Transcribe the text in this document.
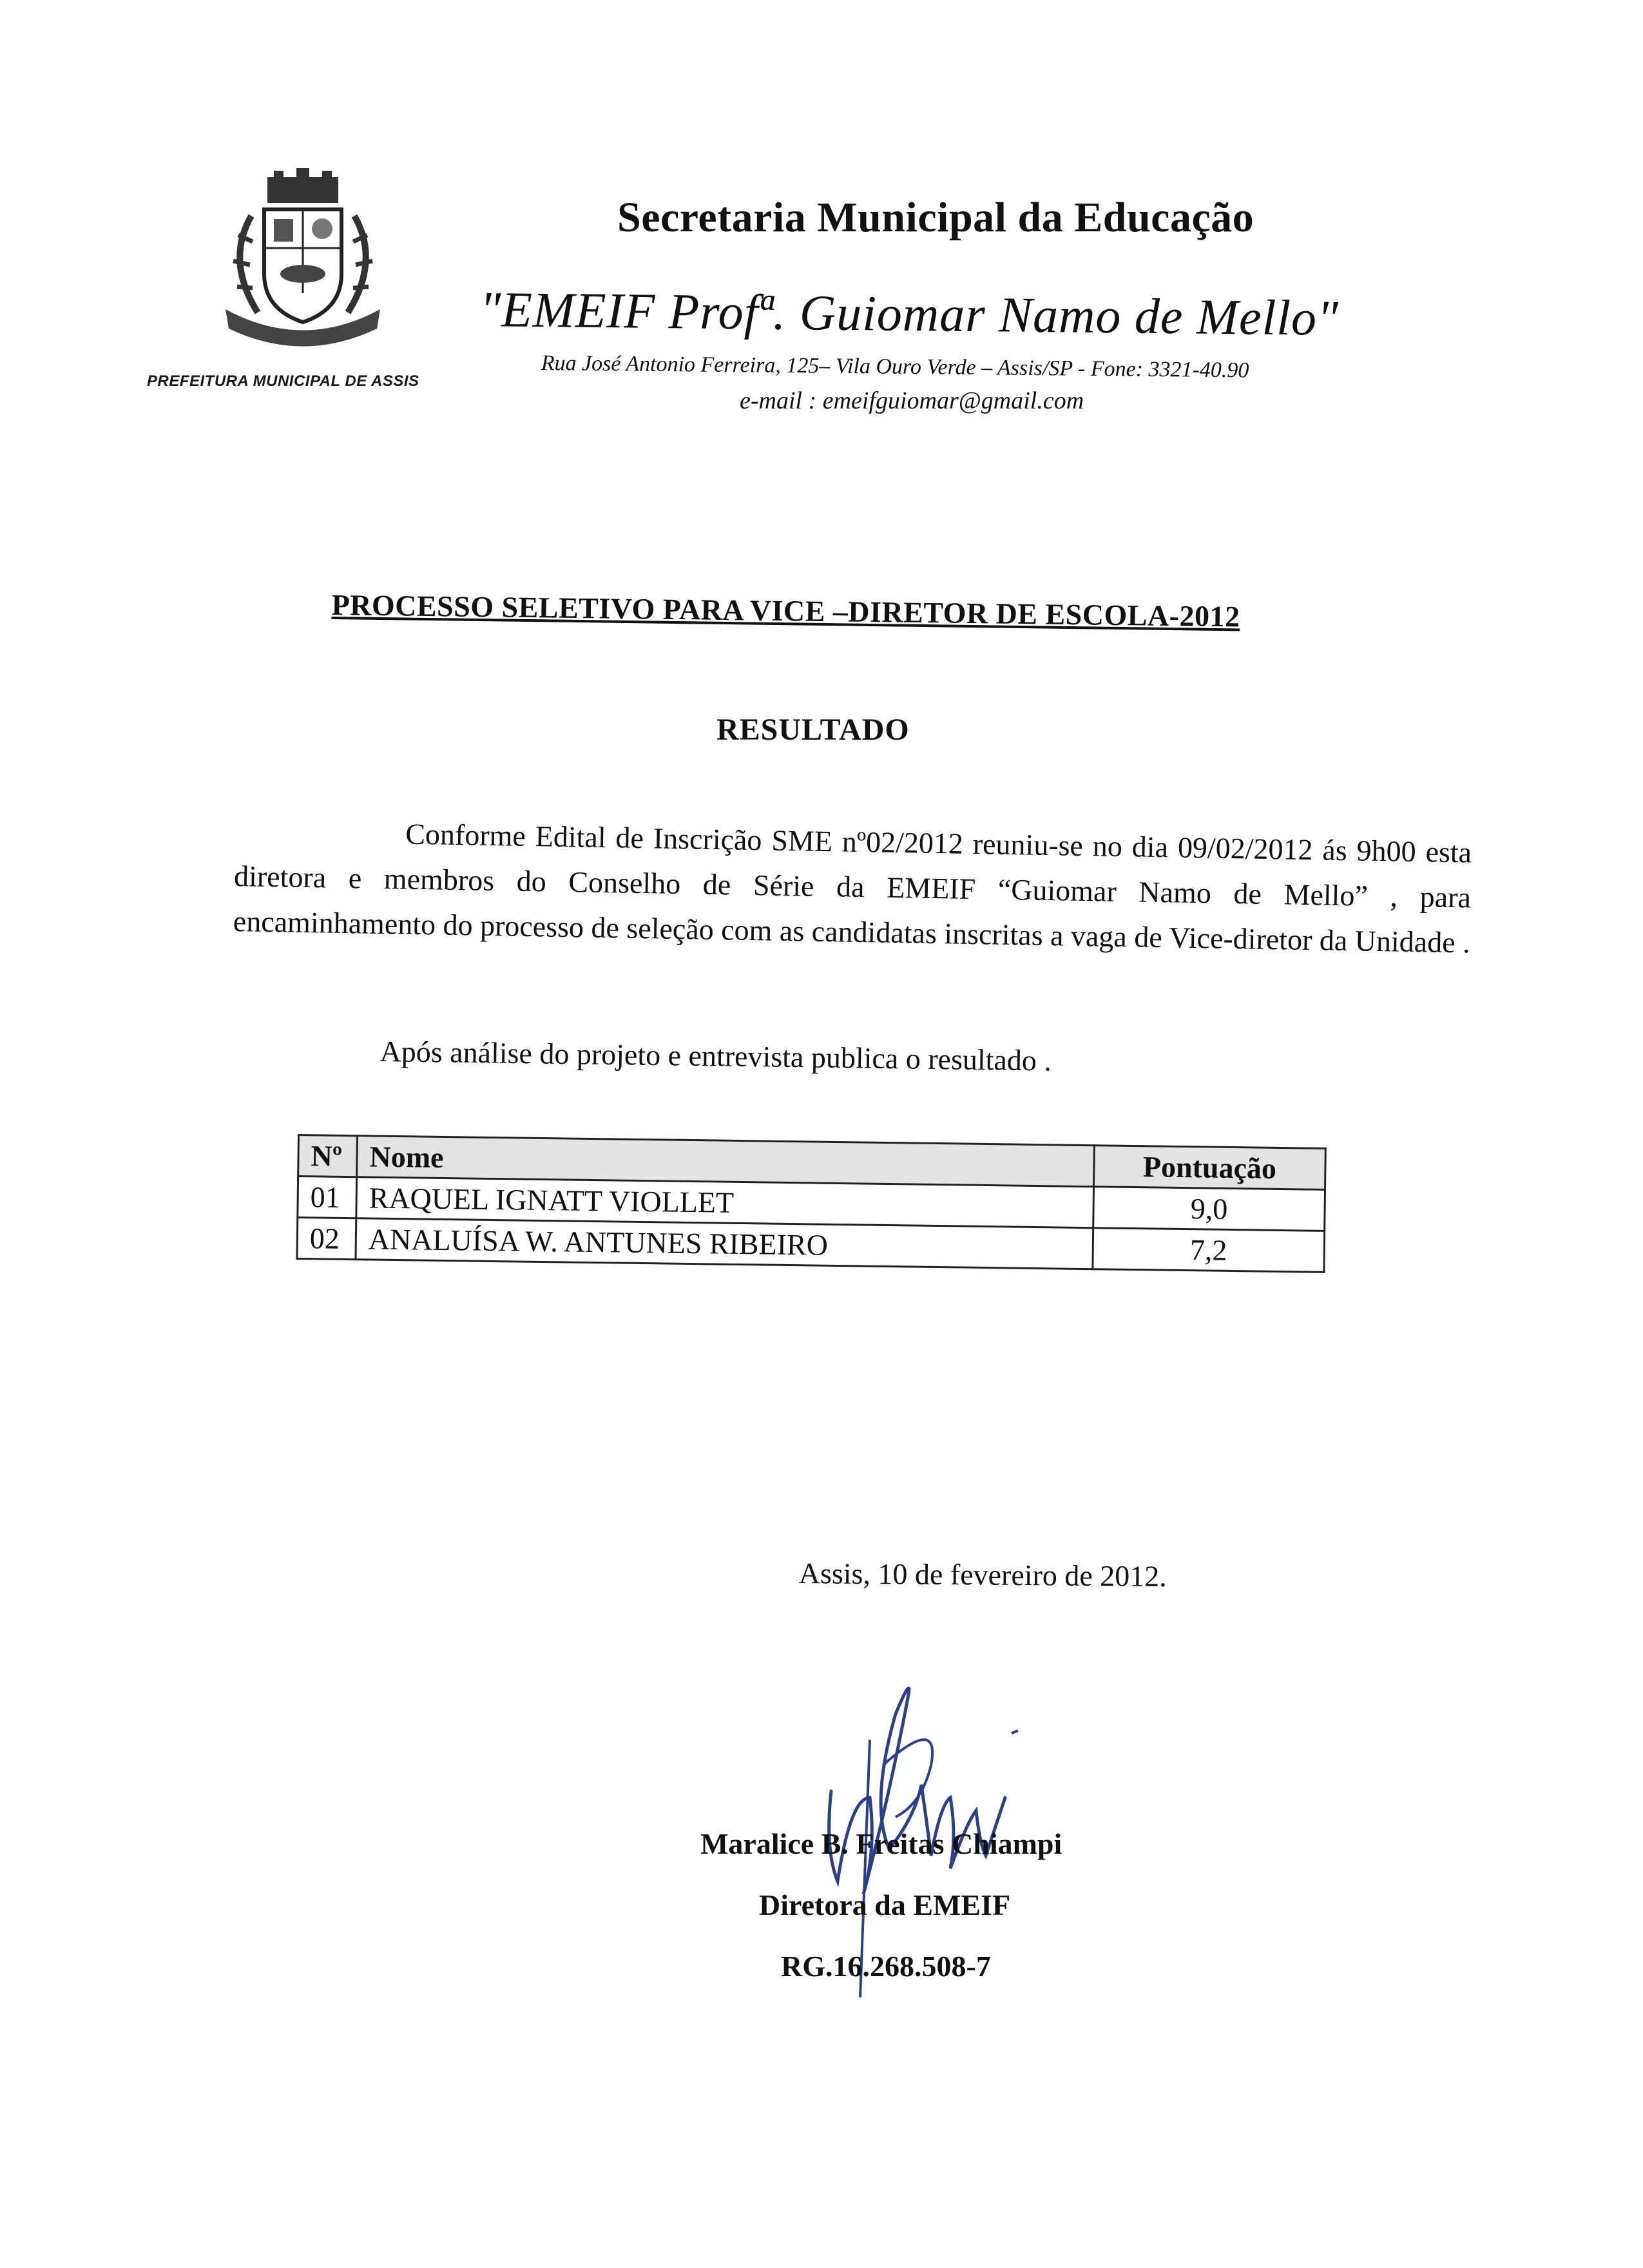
PREFEITURA MUNICIPAL DE ASSIS
Secretaria Municipal da Educação
"EMEIF Profª. Guiomar Namo de Mello"
Rua José Antonio Ferreira, 125– Vila Ouro Verde – Assis/SP - Fone: 3321-40.90
e-mail : emeifguiomar@gmail.com
PROCESSO SELETIVO PARA VICE –DIRETOR DE ESCOLA-2012
RESULTADO
Conforme Edital de Inscrição SME nº02/2012 reuniu-se no dia 09/02/2012 ás 9h00 esta diretora e membros do Conselho de Série da EMEIF “Guiomar Namo de Mello” , para encaminhamento do processo de seleção com as candidatas inscritas a vaga de Vice-diretor da Unidade .
Após análise do projeto e entrevista publica o resultado .
Nº	Nome	Pontuação
01	RAQUEL IGNATT VIOLLET	9,0
02	ANALUÍSA W. ANTUNES RIBEIRO	7,2
Assis, 10 de fevereiro de 2012.
Maralice B. Freitas Chiampi
Diretora da EMEIF
RG.16.268.508-7
